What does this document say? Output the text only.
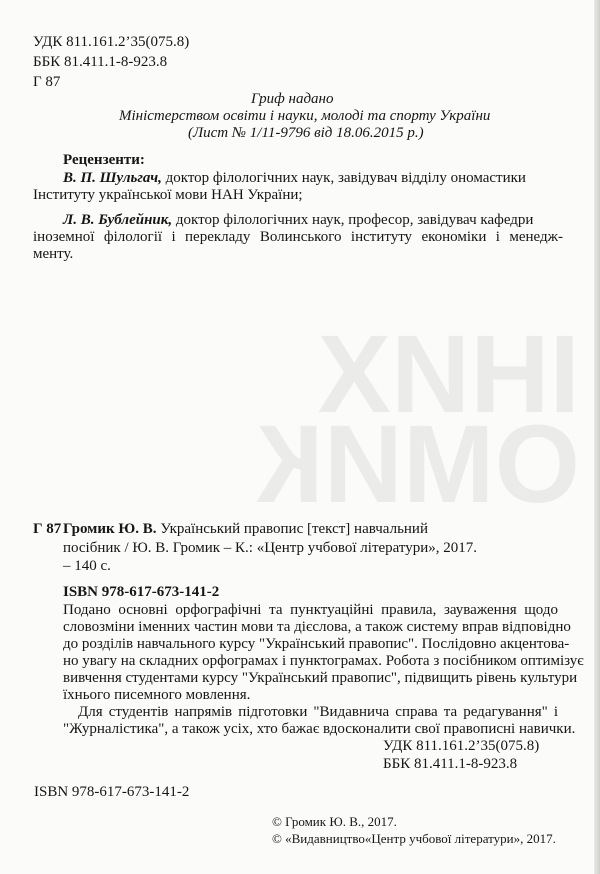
ІНИХ
ОМИК
УДК 811.161.2’35(075.8)
ББК 81.411.1-8-923.8
Г 87
Гриф надано
Міністерством освіти і науки, молоді та спорту України
(Лист № 1/11-9796 від 18.06.2015 р.)
Рецензенти:
В. П. Шульгач, доктор філологічних наук, завідувач відділу ономастики
Інституту української мови НАН України;
Л. В. Бублейник, доктор філологічних наук, професор, завідувач кафедри
іноземної філології і перекладу Волинського інституту економіки і менедж-
менту.
Г 87 Громик Ю. В. Український правопис [текст] навчальний
посібник / Ю. В. Громик – К.: «Центр учбової літератури», 2017.
– 140 с.
ISBN 978-617-673-141-2
Подано основні орфографічні та пунктуаційні правила, зауваження щодо
словозміни іменних частин мови та дієслова, а також систему вправ відповідно
до розділів навчального курсу "Український правопис". Послідовно акцентова-
но увагу на складних орфограмах і пунктограмах. Робота з посібником оптимізує
вивчення студентами курсу "Український правопис", підвищить рівень культури
їхнього писемного мовлення.
Для студентів напрямів підготовки "Видавнича справа та редагування" і
"Журналістика", а також усіх, хто бажає вдосконалити свої правописні навички.
УДК 811.161.2’35(075.8)
ББК 81.411.1-8-923.8
ISBN 978-617-673-141-2
© Громик Ю. В., 2017.
© «Видавництво«Центр учбової літератури», 2017.
